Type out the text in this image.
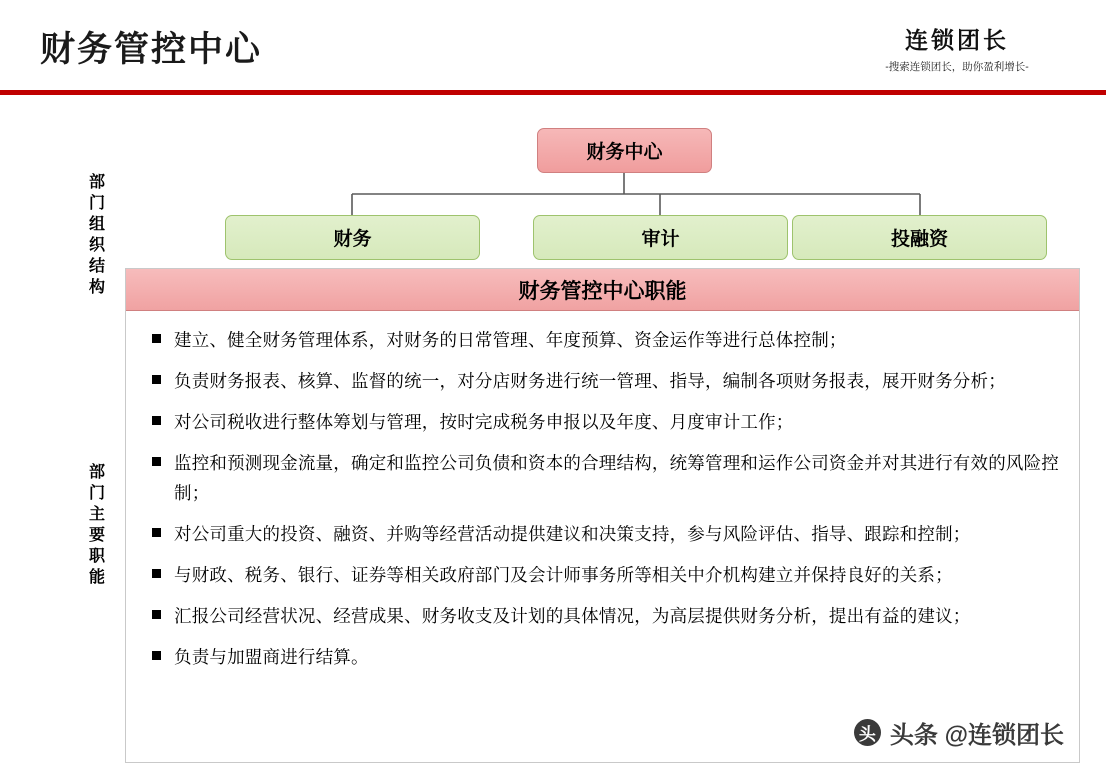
财务管控中心	连锁团长
-搜索连锁团长，助你盈利增长-
部
门
组
织
结
构
部
门
主
要
职
能
财务中心
财务	审计	投融资
财务管控中心职能
建立、健全财务管理体系，对财务的日常管理、年度预算、资金运作等进行总体控制；
负责财务报表、核算、监督的统一，对分店财务进行统一管理、指导，编制各项财务报表，展开财务分析；
对公司税收进行整体筹划与管理，按时完成税务申报以及年度、月度审计工作；
监控和预测现金流量，确定和监控公司负债和资本的合理结构，统筹管理和运作公司资金并对其进行有效的风险控制；
对公司重大的投资、融资、并购等经营活动提供建议和决策支持，参与风险评估、指导、跟踪和控制；
与财政、税务、银行、证券等相关政府部门及会计师事务所等相关中介机构建立并保持良好的关系；
汇报公司经营状况、经营成果、财务收支及计划的具体情况，为高层提供财务分析，提出有益的建议；
负责与加盟商进行结算。
头 头条 @连锁团长
